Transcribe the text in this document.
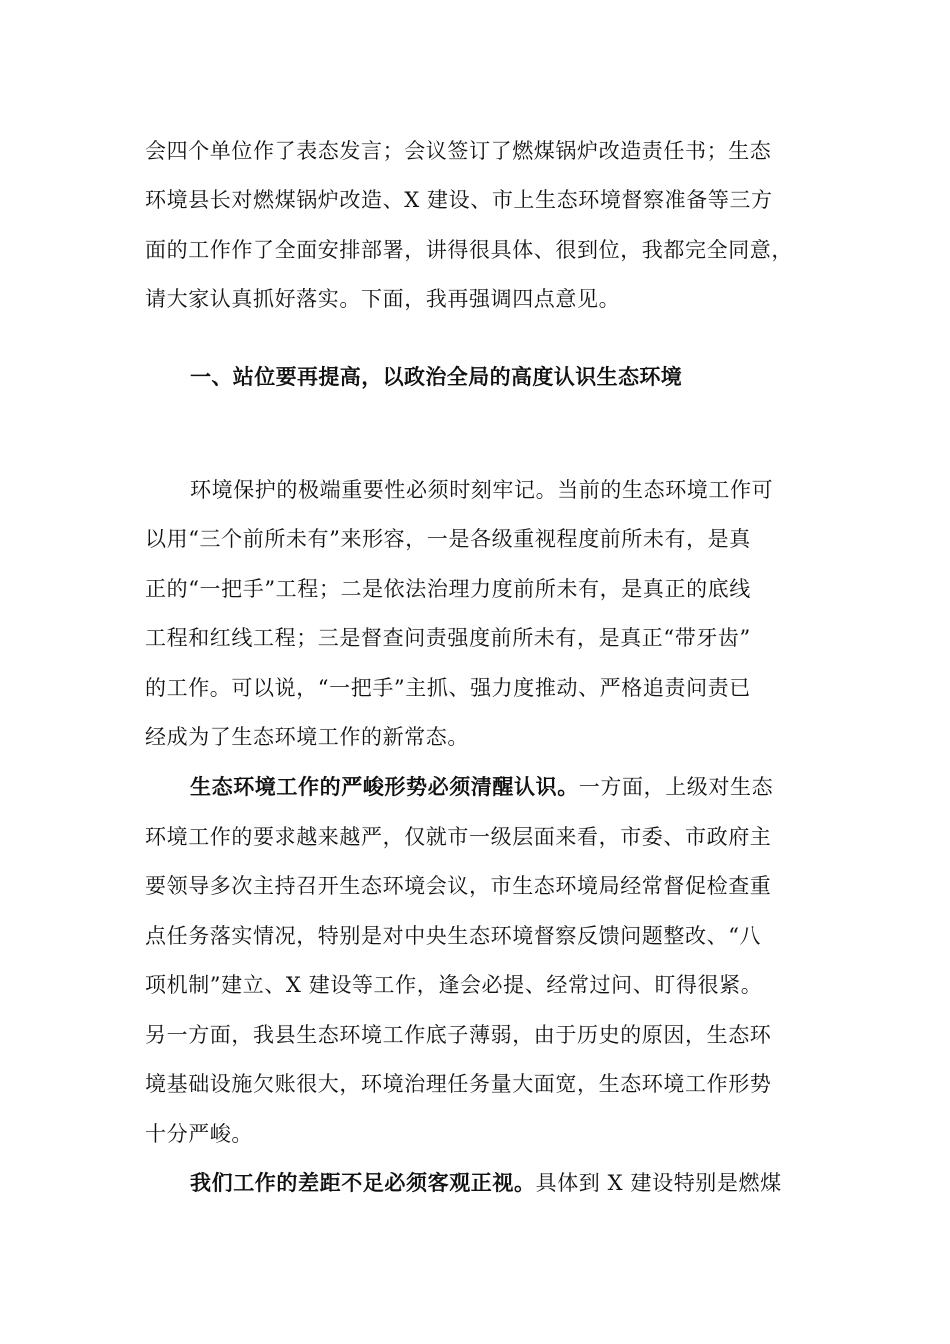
会四个单位作了表态发言；会议签订了燃煤锅炉改造责任书；生态
环境县长对燃煤锅炉改造、X 建设、市上生态环境督察准备等三方
面的工作作了全面安排部署，讲得很具体、很到位，我都完全同意，
请大家认真抓好落实。下面，我再强调四点意见。
一、站位要再提高，以政治全局的高度认识生态环境
环境保护的极端重要性必须时刻牢记。当前的生态环境工作可
以用“三个前所未有”来形容，一是各级重视程度前所未有，是真
正的“一把手”工程；二是依法治理力度前所未有，是真正的底线
工程和红线工程；三是督查问责强度前所未有，是真正“带牙齿”
的工作。可以说，“一把手”主抓、强力度推动、严格追责问责已
经成为了生态环境工作的新常态。
生态环境工作的严峻形势必须清醒认识。一方面，上级对生态
环境工作的要求越来越严，仅就市一级层面来看，市委、市政府主
要领导多次主持召开生态环境会议，市生态环境局经常督促检查重
点任务落实情况，特别是对中央生态环境督察反馈问题整改、“八
项机制”建立、X 建设等工作，逢会必提、经常过问、盯得很紧。
另一方面，我县生态环境工作底子薄弱，由于历史的原因，生态环
境基础设施欠账很大，环境治理任务量大面宽，生态环境工作形势
十分严峻。
我们工作的差距不足必须客观正视。具体到 X 建设特别是燃煤
